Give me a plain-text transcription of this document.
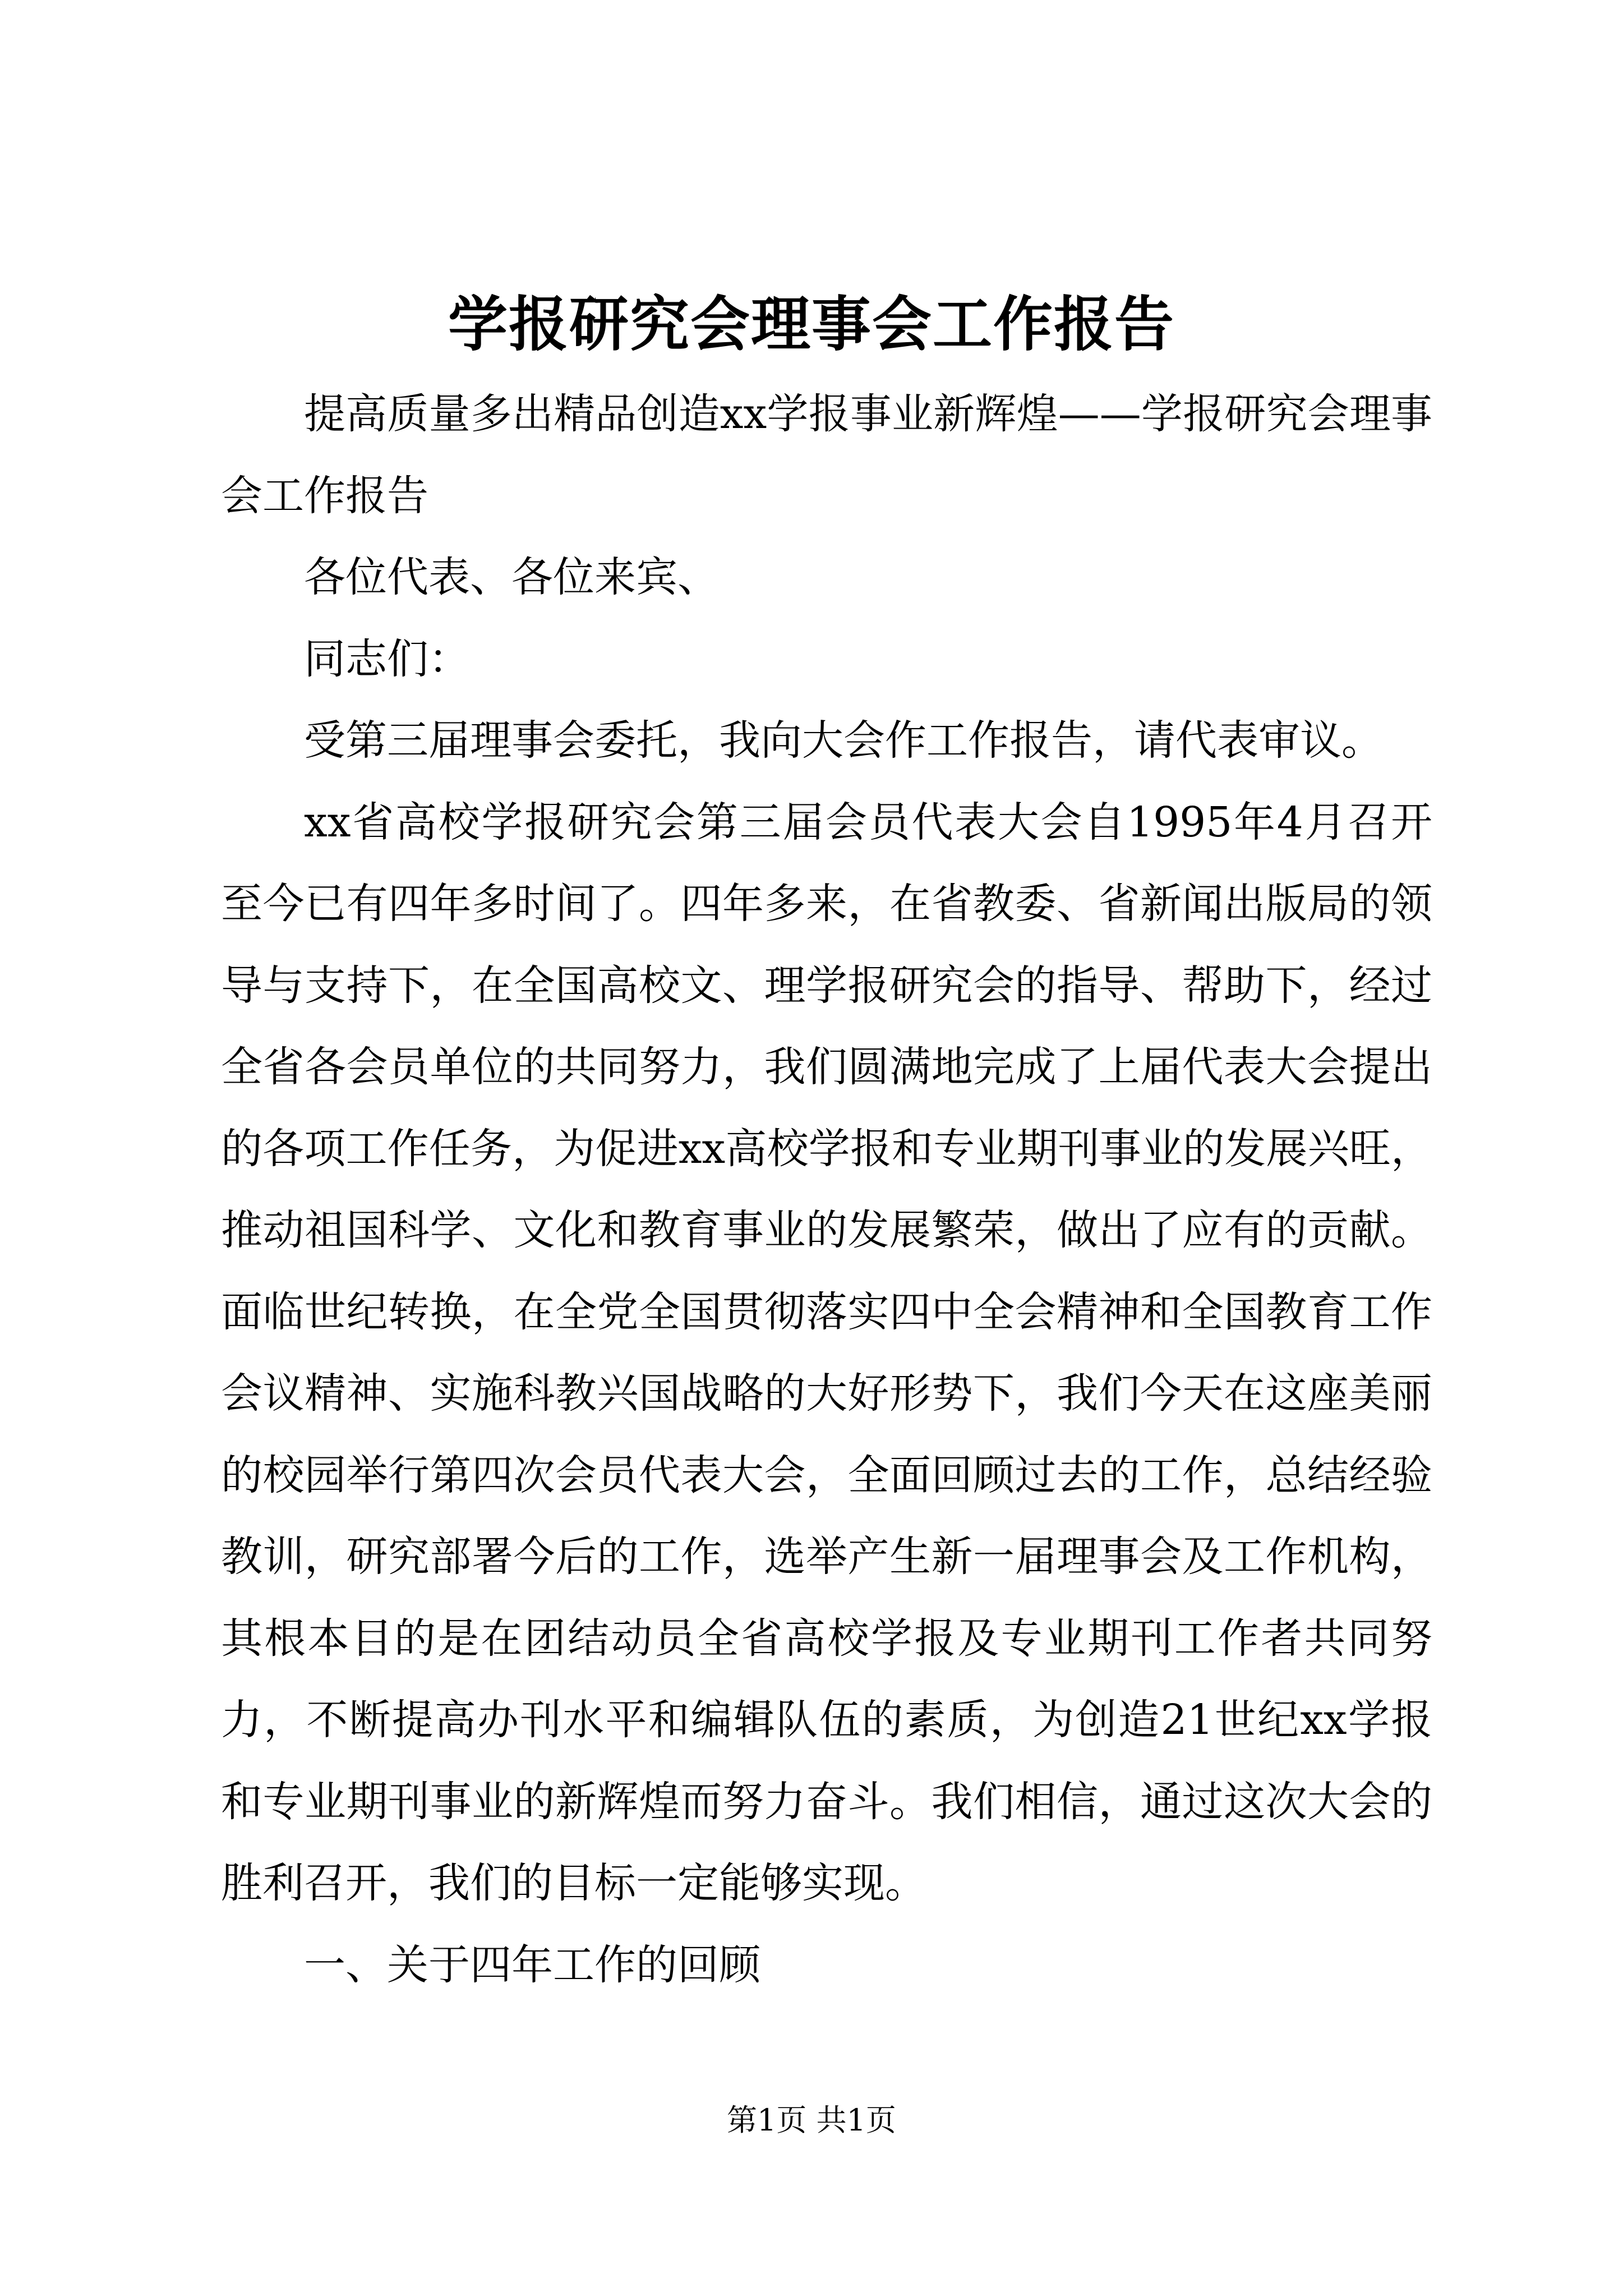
学报研究会理事会工作报告

提高质量多出精品创造xx学报事业新辉煌——学报研究会理事会工作报告

各位代表、各位来宾、

同志们：

受第三届理事会委托，我向大会作工作报告，请代表审议。

xx省高校学报研究会第三届会员代表大会自1995年4月召开至今已有四年多时间了。四年多来，在省教委、省新闻出版局的领导与支持下，在全国高校文、理学报研究会的指导、帮助下，经过全省各会员单位的共同努力，我们圆满地完成了上届代表大会提出的各项工作任务，为促进xx高校学报和专业期刊事业的发展兴旺，推动祖国科学、文化和教育事业的发展繁荣，做出了应有的贡献。面临世纪转换，在全党全国贯彻落实四中全会精神和全国教育工作会议精神、实施科教兴国战略的大好形势下，我们今天在这座美丽的校园举行第四次会员代表大会，全面回顾过去的工作，总结经验教训，研究部署今后的工作，选举产生新一届理事会及工作机构，其根本目的是在团结动员全省高校学报及专业期刊工作者共同努力，不断提高办刊水平和编辑队伍的素质，为创造21世纪xx学报和专业期刊事业的新辉煌而努力奋斗。我们相信，通过这次大会的胜利召开，我们的目标一定能够实现。

一、关于四年工作的回顾

第1页 共1页
